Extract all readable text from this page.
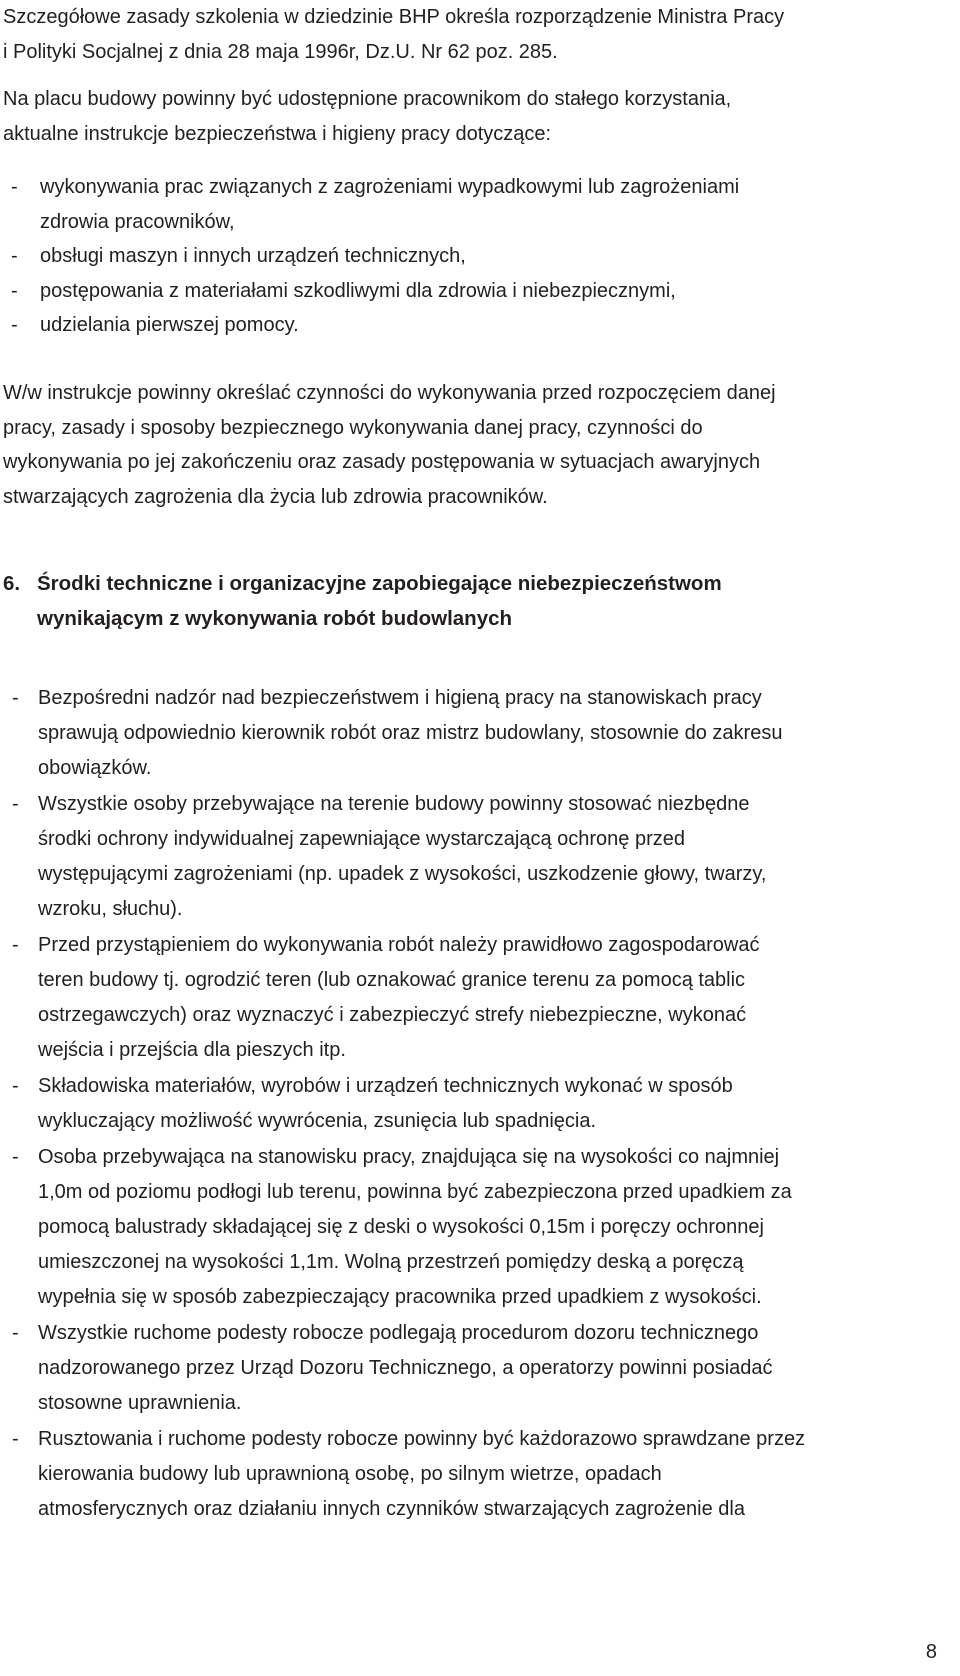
Szczegółowe zasady szkolenia w dziedzinie BHP określa rozporządzenie Ministra Pracy

i Polityki Socjalnej z dnia 28 maja 1996r, Dz.U. Nr 62 poz. 285.

Na placu budowy powinny być udostępnione pracownikom do stałego korzystania,

aktualne instrukcje bezpieczeństwa i higieny pracy dotyczące:

- wykonywania prac związanych z zagrożeniami wypadkowymi lub zagrożeniami
zdrowia pracowników,
- obsługi maszyn i innych urządzeń technicznych,
- postępowania z materiałami szkodliwymi dla zdrowia i niebezpiecznymi,
- udzielania pierwszej pomocy.

W/w instrukcje powinny określać czynności do wykonywania przed rozpoczęciem danej

pracy, zasady i sposoby bezpiecznego wykonywania danej pracy, czynności do

wykonywania po jej zakończeniu oraz zasady postępowania w sytuacjach awaryjnych

stwarzających zagrożenia dla życia lub zdrowia pracowników.

6. Środki techniczne i organizacyjne zapobiegające niebezpieczeństwom
wynikającym z wykonywania robót budowlanych
- Bezpośredni nadzór nad bezpieczeństwem i higieną pracy na stanowiskach pracy
sprawują odpowiednio kierownik robót oraz mistrz budowlany, stosownie do zakresu
obowiązków.
- Wszystkie osoby przebywające na terenie budowy powinny stosować niezbędne
środki ochrony indywidualnej zapewniające wystarczającą ochronę przed
występującymi zagrożeniami (np. upadek z wysokości, uszkodzenie głowy, twarzy,
wzroku, słuchu).
- Przed przystąpieniem do wykonywania robót należy prawidłowo zagospodarować
teren budowy tj. ogrodzić teren (lub oznakować granice terenu za pomocą tablic
ostrzegawczych) oraz wyznaczyć i zabezpieczyć strefy niebezpieczne, wykonać
wejścia i przejścia dla pieszych itp.
- Składowiska materiałów, wyrobów i urządzeń technicznych wykonać w sposób
wykluczający możliwość wywrócenia, zsunięcia lub spadnięcia.
- Osoba przebywająca na stanowisku pracy, znajdująca się na wysokości co najmniej
1,0m od poziomu podłogi lub terenu, powinna być zabezpieczona przed upadkiem za
pomocą balustrady składającej się z deski o wysokości 0,15m i poręczy ochronnej
umieszczonej na wysokości 1,1m. Wolną przestrzeń pomiędzy deską a poręczą
wypełnia się w sposób zabezpieczający pracownika przed upadkiem z wysokości.
- Wszystkie ruchome podesty robocze podlegają procedurom dozoru technicznego
nadzorowanego przez Urząd Dozoru Technicznego, a operatorzy powinni posiadać
stosowne uprawnienia.
- Rusztowania i ruchome podesty robocze powinny być każdorazowo sprawdzane przez
kierowania budowy lub uprawnioną osobę, po silnym wietrze, opadach
atmosferycznych oraz działaniu innych czynników stwarzających zagrożenie dla
8
